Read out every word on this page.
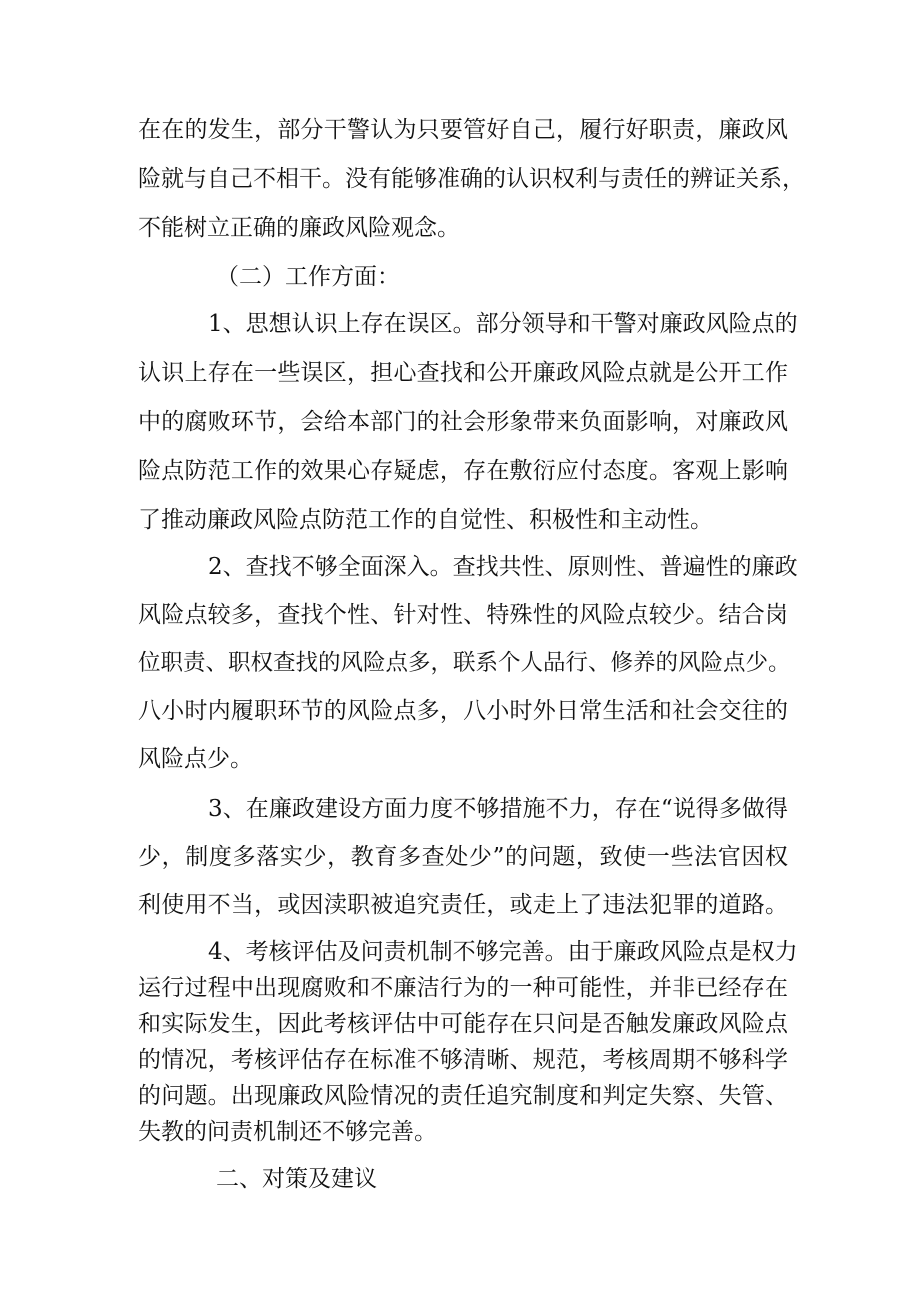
在在的发生，部分干警认为只要管好自己，履行好职责，廉政风
险就与自己不相干。没有能够准确的认识权利与责任的辨证关系，
不能树立正确的廉政风险观念。
（二）工作方面：
1、思想认识上存在误区。部分领导和干警对廉政风险点的
认识上存在一些误区，担心查找和公开廉政风险点就是公开工作
中的腐败环节，会给本部门的社会形象带来负面影响，对廉政风
险点防范工作的效果心存疑虑，存在敷衍应付态度。客观上影响
了推动廉政风险点防范工作的自觉性、积极性和主动性。
2、查找不够全面深入。查找共性、原则性、普遍性的廉政
风险点较多，查找个性、针对性、特殊性的风险点较少。结合岗
位职责、职权查找的风险点多，联系个人品行、修养的风险点少。
八小时内履职环节的风险点多，八小时外日常生活和社会交往的
风险点少。
3、在廉政建设方面力度不够措施不力，存在“说得多做得
少，制度多落实少，教育多查处少”的问题，致使一些法官因权
利使用不当，或因渎职被追究责任，或走上了违法犯罪的道路。
4、考核评估及问责机制不够完善。由于廉政风险点是权力
运行过程中出现腐败和不廉洁行为的一种可能性，并非已经存在
和实际发生，因此考核评估中可能存在只问是否触发廉政风险点
的情况，考核评估存在标准不够清晰、规范，考核周期不够科学
的问题。出现廉政风险情况的责任追究制度和判定失察、失管、
失教的问责机制还不够完善。
二、对策及建议
